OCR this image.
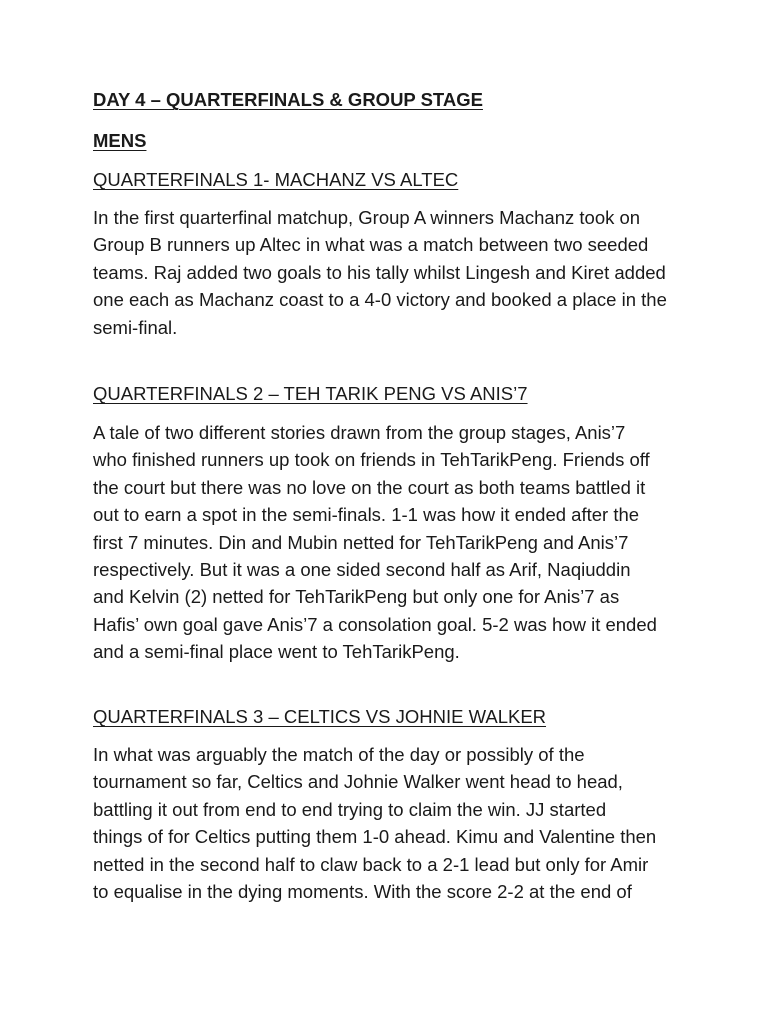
DAY 4 – QUARTERFINALS & GROUP STAGE

MENS

QUARTERFINALS 1- MACHANZ VS ALTEC

In the first quarterfinal matchup, Group A winners Machanz took on
Group B runners up Altec in what was a match between two seeded
teams. Raj added two goals to his tally whilst Lingesh and Kiret added
one each as Machanz coast to a 4-0 victory and booked a place in the
semi-final.

QUARTERFINALS 2 – TEH TARIK PENG VS ANIS’7

A tale of two different stories drawn from the group stages, Anis’7
who finished runners up took on friends in TehTarikPeng. Friends off
the court but there was no love on the court as both teams battled it
out to earn a spot in the semi-finals. 1-1 was how it ended after the
first 7 minutes. Din and Mubin netted for TehTarikPeng and Anis’7
respectively. But it was a one sided second half as Arif, Naqiuddin
and Kelvin (2) netted for TehTarikPeng but only one for Anis’7 as
Hafis’ own goal gave Anis’7 a consolation goal. 5-2 was how it ended
and a semi-final place went to TehTarikPeng.

QUARTERFINALS 3 – CELTICS VS JOHNIE WALKER

In what was arguably the match of the day or possibly of the
tournament so far, Celtics and Johnie Walker went head to head,
battling it out from end to end trying to claim the win. JJ started
things of for Celtics putting them 1-0 ahead. Kimu and Valentine then
netted in the second half to claw back to a 2-1 lead but only for Amir
to equalise in the dying moments. With the score 2-2 at the end of
